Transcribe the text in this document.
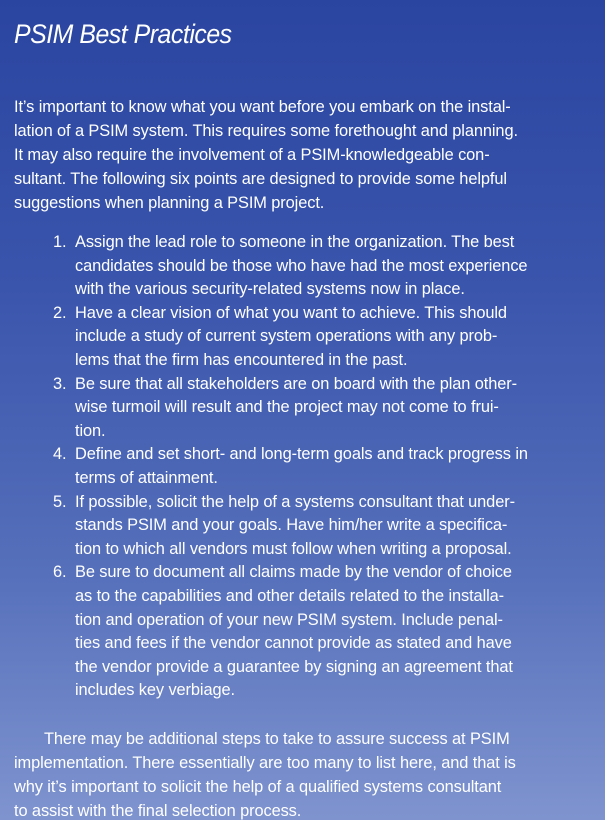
PSIM Best Practices
It’s important to know what you want before you embark on the instal-
lation of a PSIM system. This requires some forethought and planning.
It may also require the involvement of a PSIM-knowledgeable con-
sultant. The following six points are designed to provide some helpful
suggestions when planning a PSIM project.
1. Assign the lead role to someone in the organization. The best
candidates should be those who have had the most experience
with the various security-related systems now in place.
2. Have a clear vision of what you want to achieve. This should
include a study of current system operations with any prob-
lems that the firm has encountered in the past.
3. Be sure that all stakeholders are on board with the plan other-
wise turmoil will result and the project may not come to frui-
tion.
4. Define and set short- and long-term goals and track progress in
terms of attainment.
5. If possible, solicit the help of a systems consultant that under-
stands PSIM and your goals. Have him/her write a specifica-
tion to which all vendors must follow when writing a proposal.
6. Be sure to document all claims made by the vendor of choice
as to the capabilities and other details related to the installa-
tion and operation of your new PSIM system. Include penal-
ties and fees if the vendor cannot provide as stated and have
the vendor provide a guarantee by signing an agreement that
includes key verbiage.
There may be additional steps to take to assure success at PSIM
implementation. There essentially are too many to list here, and that is
why it’s important to solicit the help of a qualified systems consultant
to assist with the final selection process.
